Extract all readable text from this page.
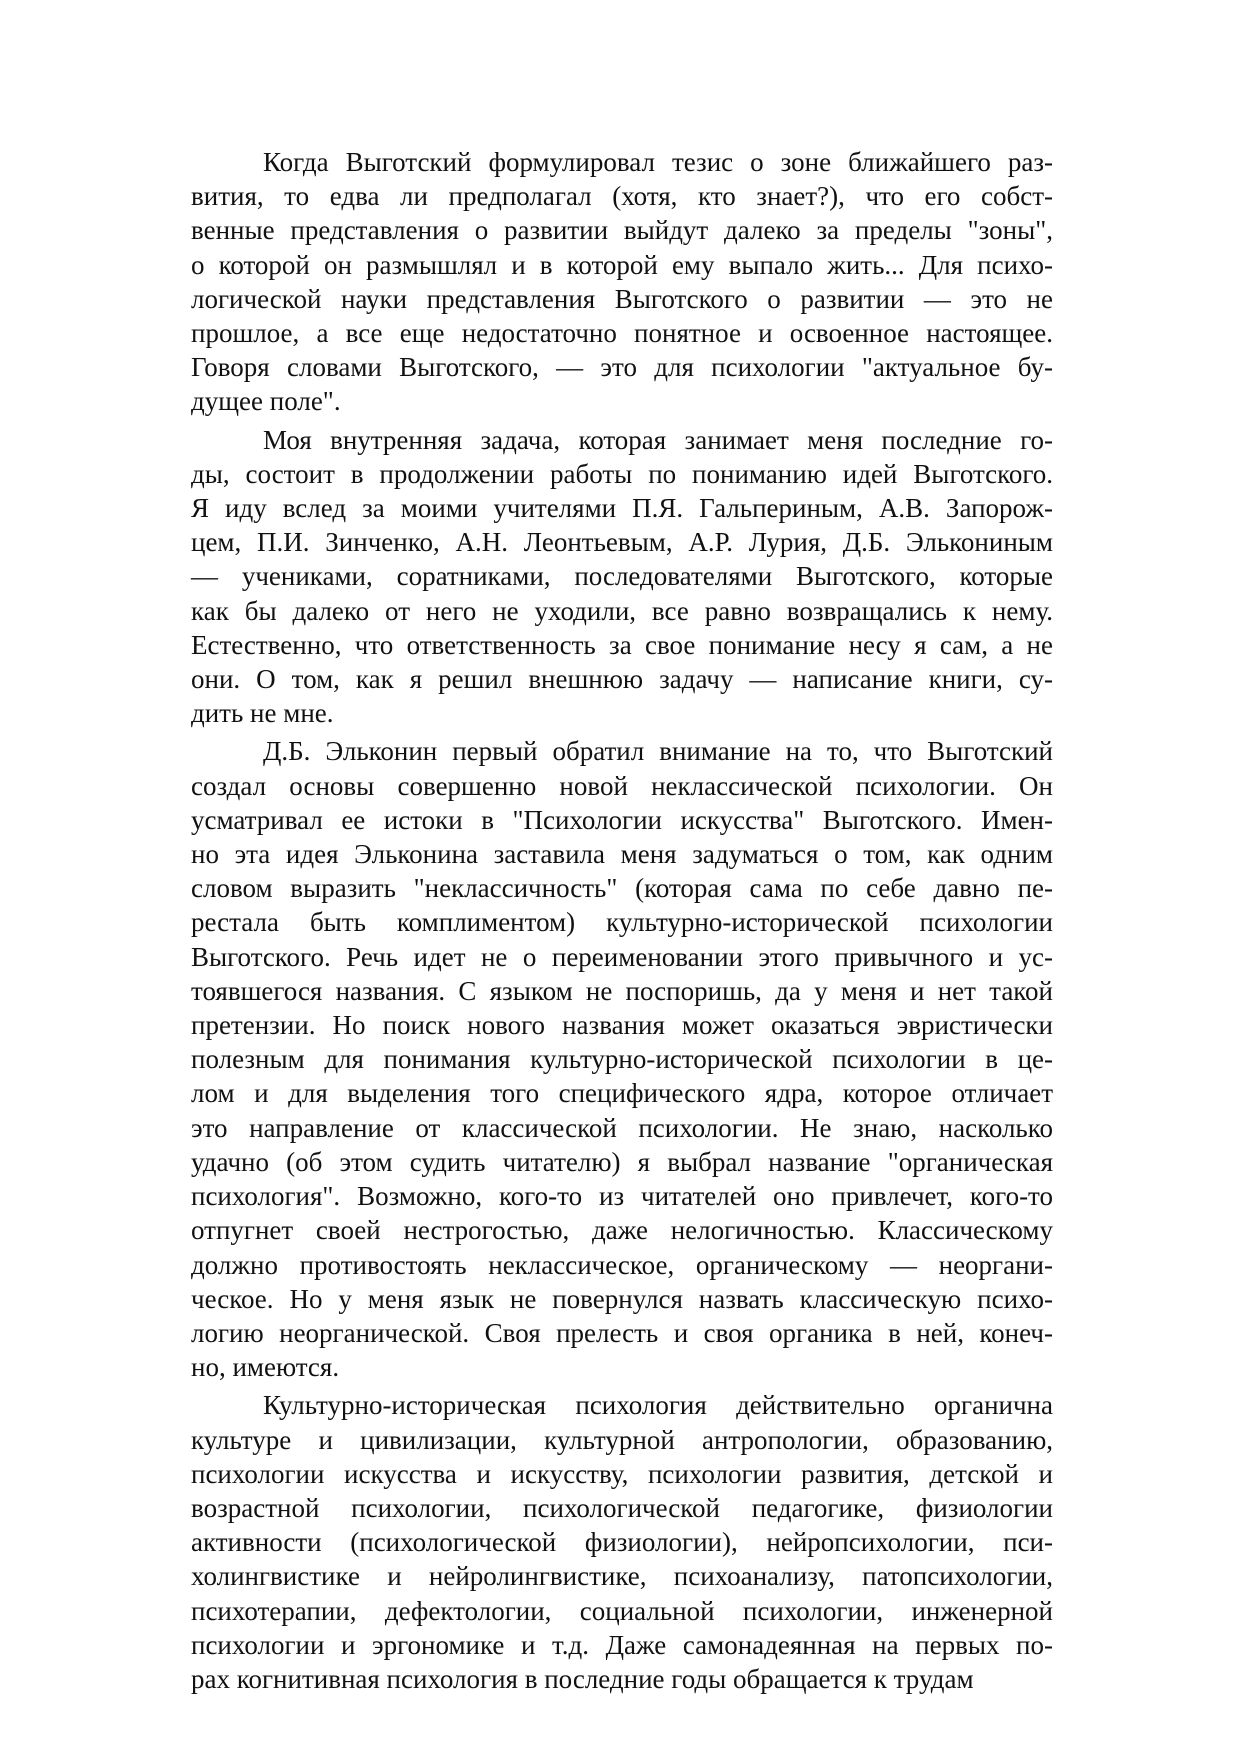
Когда Выготский формулировал тезис о зоне ближайшего раз-
вития, то едва ли предполагал (хотя, кто знает?), что его собст-
венные представления о развитии выйдут далеко за пределы "зоны",
о которой он размышлял и в которой ему выпало жить... Для психо-
логической науки представления Выготского о развитии — это не
прошлое, а все еще недостаточно понятное и освоенное настоящее.
Говоря словами Выготского, — это для психологии "актуальное бу-
дущее поле".
Моя внутренняя задача, которая занимает меня последние го-
ды, состоит в продолжении работы по пониманию идей Выготского.
Я иду вслед за моими учителями П.Я. Гальпериным, А.В. Запорож-
цем, П.И. Зинченко, А.Н. Леонтьевым, А.Р. Лурия, Д.Б. Элькониным
— учениками, соратниками, последователями Выготского, которые
как бы далеко от него не уходили, все равно возвращались к нему.
Естественно, что ответственность за свое понимание несу я сам, а не
они. О том, как я решил внешнюю задачу — написание книги, су-
дить не мне.
Д.Б. Эльконин первый обратил внимание на то, что Выготский
создал основы совершенно новой неклассической психологии. Он
усматривал ее истоки в "Психологии искусства" Выготского. Имен-
но эта идея Эльконина заставила меня задуматься о том, как одним
словом выразить "неклассичность" (которая сама по себе давно пе-
рестала быть комплиментом) культурно-исторической психологии
Выготского. Речь идет не о переименовании этого привычного и ус-
тоявшегося названия. С языком не поспоришь, да у меня и нет такой
претензии. Но поиск нового названия может оказаться эвристически
полезным для понимания культурно-исторической психологии в це-
лом и для выделения того специфического ядра, которое отличает
это направление от классической психологии. Не знаю, насколько
удачно (об этом судить читателю) я выбрал название "органическая
психология". Возможно, кого-то из читателей оно привлечет, кого-то
отпугнет своей нестрогостью, даже нелогичностью. Классическому
должно противостоять неклассическое, органическому — неоргани-
ческое. Но у меня язык не повернулся назвать классическую психо-
логию неорганической. Своя прелесть и своя органика в ней, конеч-
но, имеются.
Культурно-историческая психология действительно органична
культуре и цивилизации, культурной антропологии, образованию,
психологии искусства и искусству, психологии развития, детской и
возрастной психологии, психологической педагогике, физиологии
активности (психологической физиологии), нейропсихологии, пси-
холингвистике и нейролингвистике, психоанализу, патопсихологии,
психотерапии, дефектологии, социальной психологии, инженерной
психологии и эргономике и т.д. Даже самонадеянная на первых по-
рах когнитивная психология в последние годы обращается к трудам
